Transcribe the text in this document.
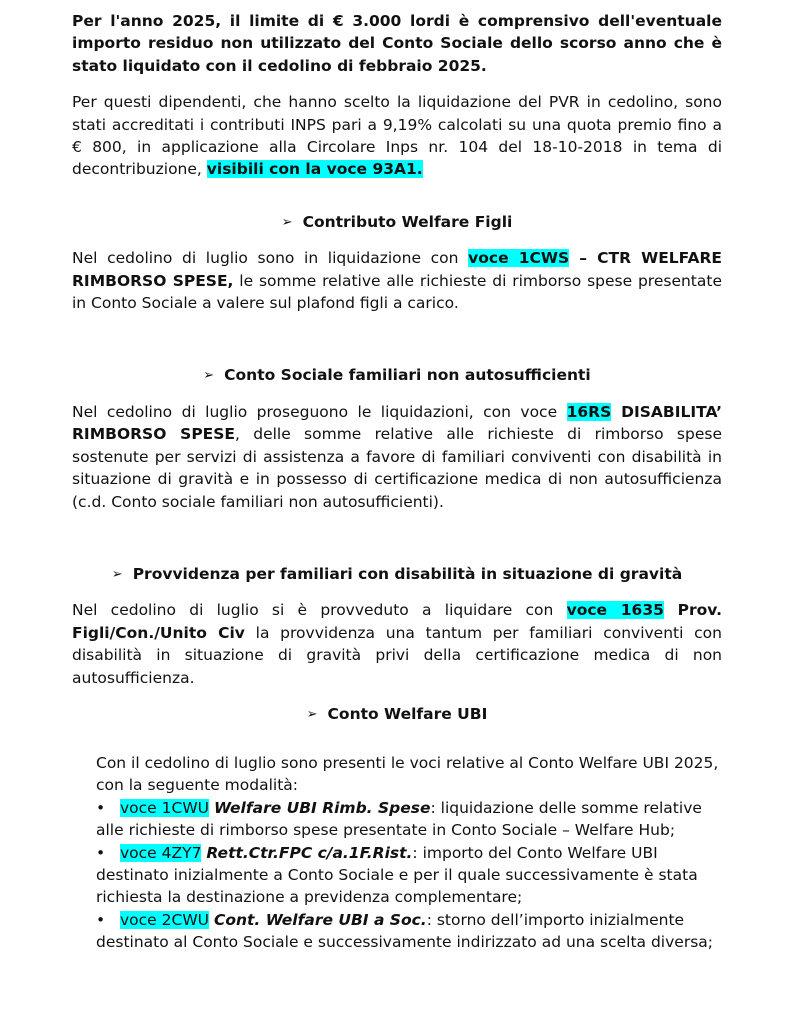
Per l'anno 2025, il limite di € 3.000 lordi è comprensivo dell'eventuale importo residuo non utilizzato del Conto Sociale dello scorso anno che è stato liquidato con il cedolino di febbraio 2025.

Per questi dipendenti, che hanno scelto la liquidazione del PVR in cedolino, sono stati accreditati i contributi INPS pari a 9,19% calcolati su una quota premio fino a € 800, in applicazione alla Circolare Inps nr. 104 del 18-10-2018 in tema di decontribuzione, visibili con la voce 93A1.

➢ Contributo Welfare Figli

Nel cedolino di luglio sono in liquidazione con voce 1CWS – CTR WELFARE RIMBORSO SPESE, le somme relative alle richieste di rimborso spese presentate in Conto Sociale a valere sul plafond figli a carico.

➢ Conto Sociale familiari non autosufficienti

Nel cedolino di luglio proseguono le liquidazioni, con voce 16RS DISABILITA’ RIMBORSO SPESE, delle somme relative alle richieste di rimborso spese sostenute per servizi di assistenza a favore di familiari conviventi con disabilità in situazione di gravità e in possesso di certificazione medica di non autosufficienza (c.d. Conto sociale familiari non autosufficienti).

➢ Provvidenza per familiari con disabilità in situazione di gravità

Nel cedolino di luglio si è provveduto a liquidare con voce 1635 Prov. Figli/Con./Unito Civ la provvidenza una tantum per familiari conviventi con disabilità in situazione di gravità privi della certificazione medica di non autosufficienza.

➢ Conto Welfare UBI

Con il cedolino di luglio sono presenti le voci relative al Conto Welfare UBI 2025, con la seguente modalità:

• voce 1CWU Welfare UBI Rimb. Spese: liquidazione delle somme relative alle richieste di rimborso spese presentate in Conto Sociale – Welfare Hub;
• voce 4ZY7 Rett.Ctr.FPC c/a.1F.Rist.: importo del Conto Welfare UBI destinato inizialmente a Conto Sociale e per il quale successivamente è stata richiesta la destinazione a previdenza complementare;
• voce 2CWU Cont. Welfare UBI a Soc.: storno dell’importo inizialmente destinato al Conto Sociale e successivamente indirizzato ad una scelta diversa;
